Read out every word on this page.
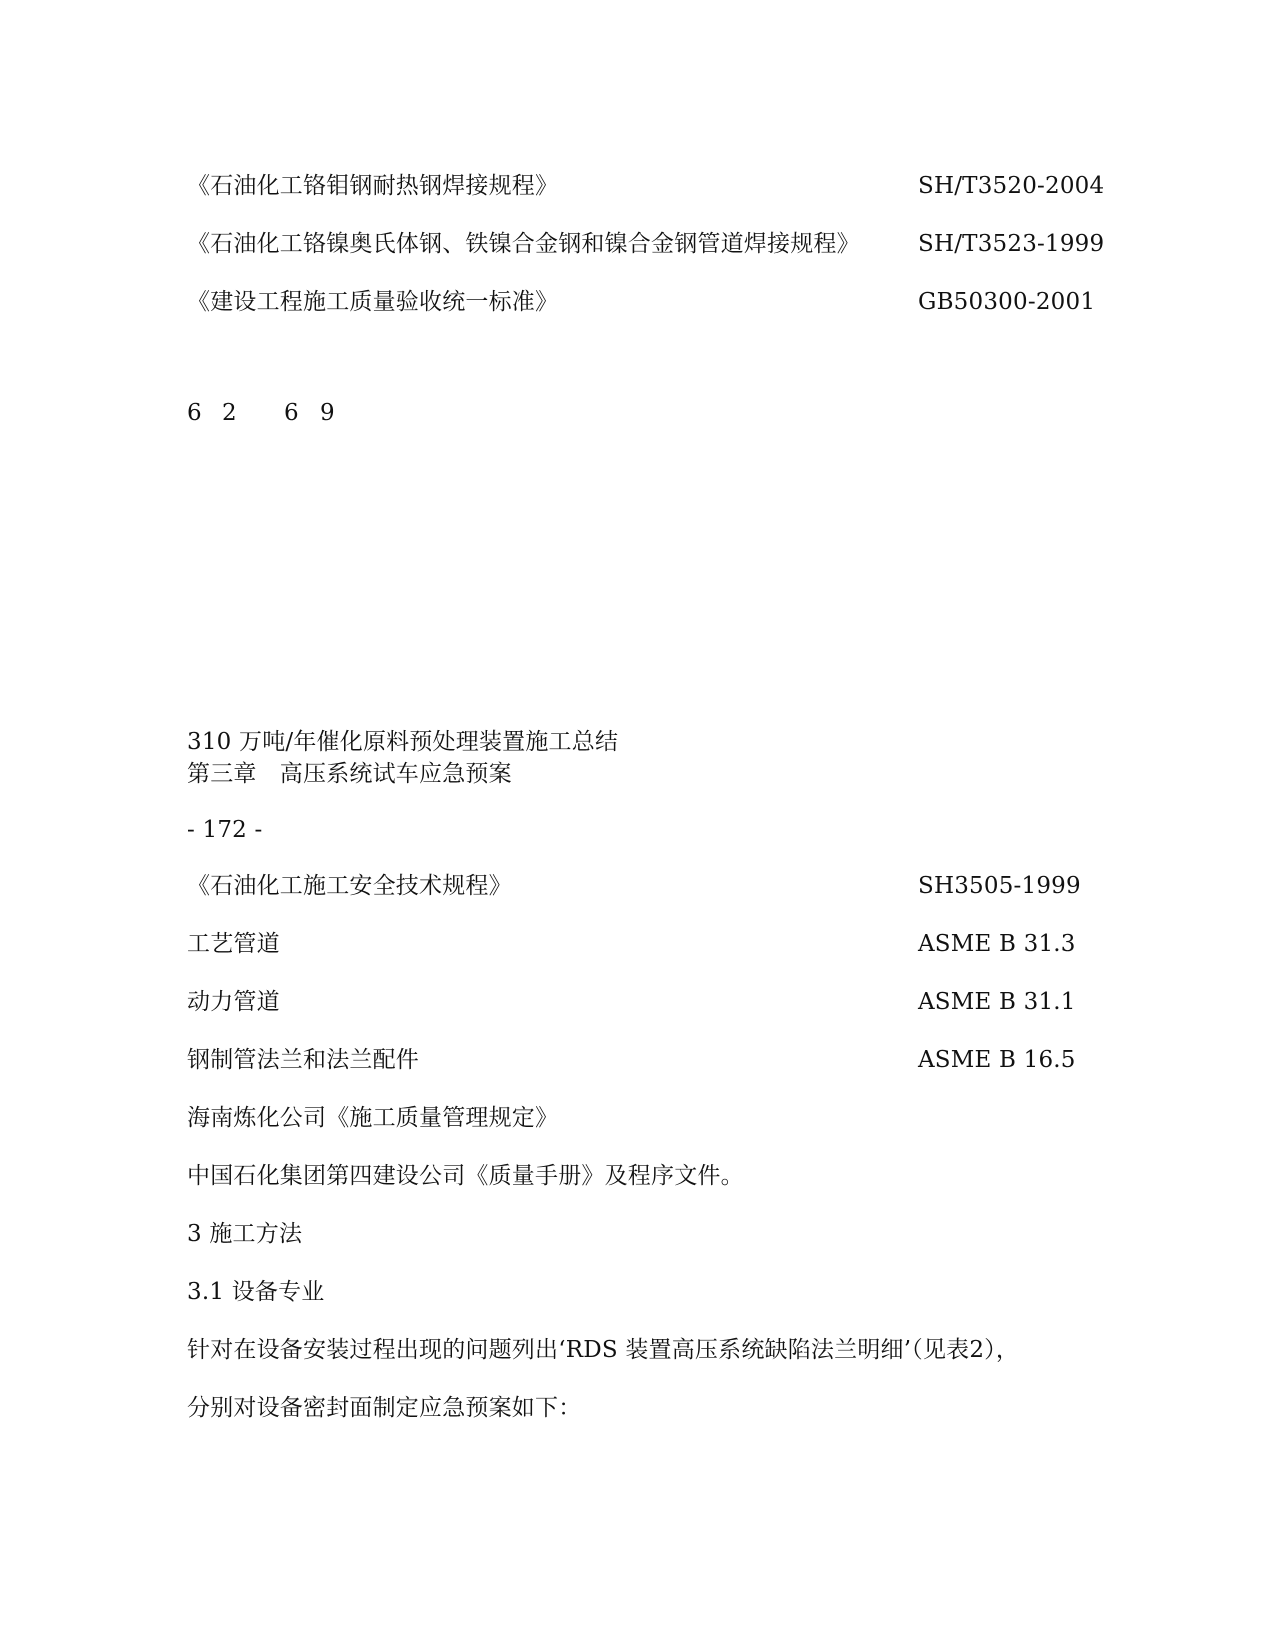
《石油化工铬钼钢耐热钢焊接规程》	SH/T3520-2004
《石油化工铬镍奥氏体钢、铁镍合金钢和镍合金钢管道焊接规程》	SH/T3523-1999
《建设工程施工质量验收统一标准》	GB50300-2001
6 2 6 9
310 万吨/年催化原料预处理装置施工总结
第三章　高压系统试车应急预案
- 172 -
《石油化工施工安全技术规程》	SH3505-1999
工艺管道	ASME B 31.3
动力管道	ASME B 31.1
钢制管法兰和法兰配件	ASME B 16.5
海南炼化公司《施工质量管理规定》
中国石化集团第四建设公司《质量手册》及程序文件。
3 施工方法
3.1 设备专业
针对在设备安装过程出现的问题列出‘RDS 装置高压系统缺陷法兰明细’（见表2），
分别对设备密封面制定应急预案如下：
